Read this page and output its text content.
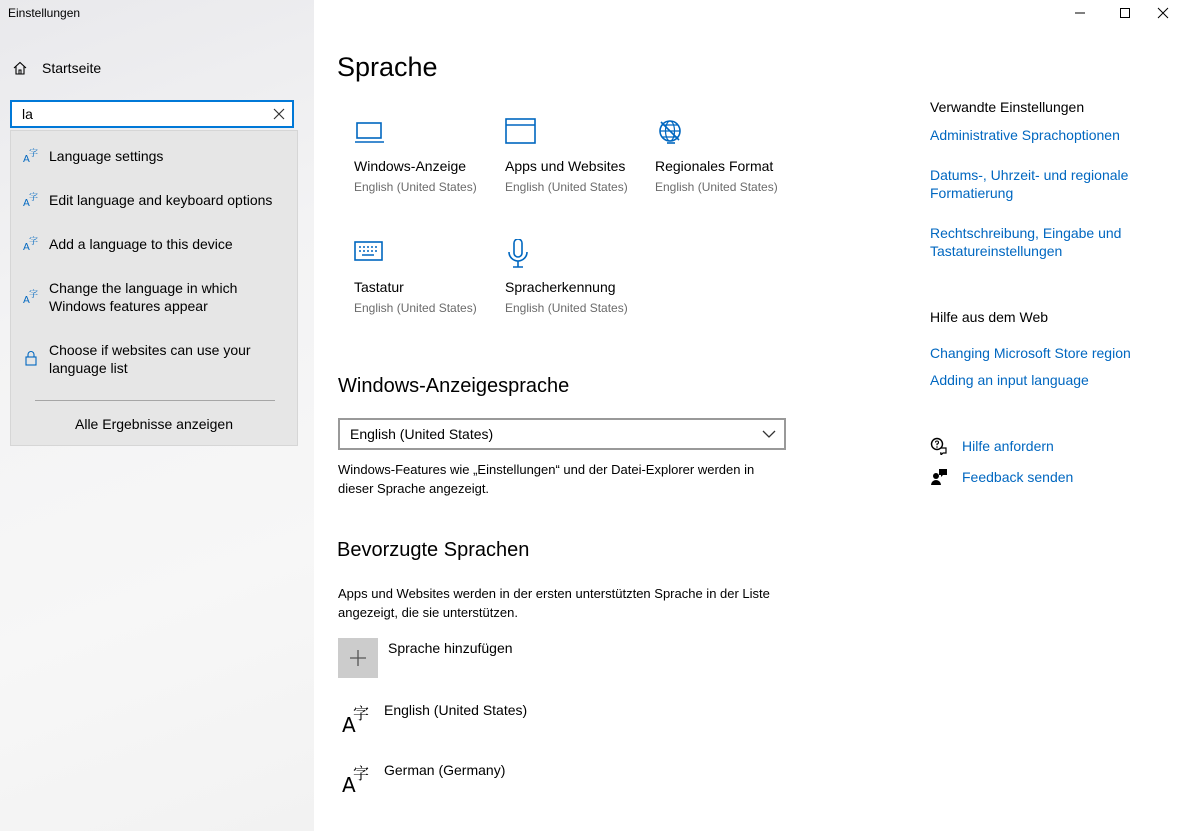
Einstellungen
Startseite
la
A 字 Language settings
A 字 Edit language and keyboard options
A 字 Add a language to this device
A 字 Change the language in which Windows features appear
Choose if websites can use your language list
Alle Ergebnisse anzeigen
Sprache
Windows-Anzeige
English (United States)
Apps und Websites
English (United States)
Regionales Format
English (United States)
Tastatur
English (United States)
Spracherkennung
English (United States)
Windows-Anzeigesprache
English (United States)

Windows-Features wie „Einstellungen“ und der Datei-Explorer werden in dieser Sprache angezeigt.

Bevorzugte Sprachen

Apps und Websites werden in der ersten unterstützten Sprache in der Liste angezeigt, die sie unterstützen.

Sprache hinzufügen
A
字 English (United States)
A
字 German (Germany)
Verwandte Einstellungen
Administrative Sprachoptionen
Datums-, Uhrzeit- und regionale Formatierung
Rechtschreibung, Eingabe und Tastatureinstellungen
Hilfe aus dem Web
Changing Microsoft Store region
Adding an input language
Hilfe anfordern
Feedback senden
